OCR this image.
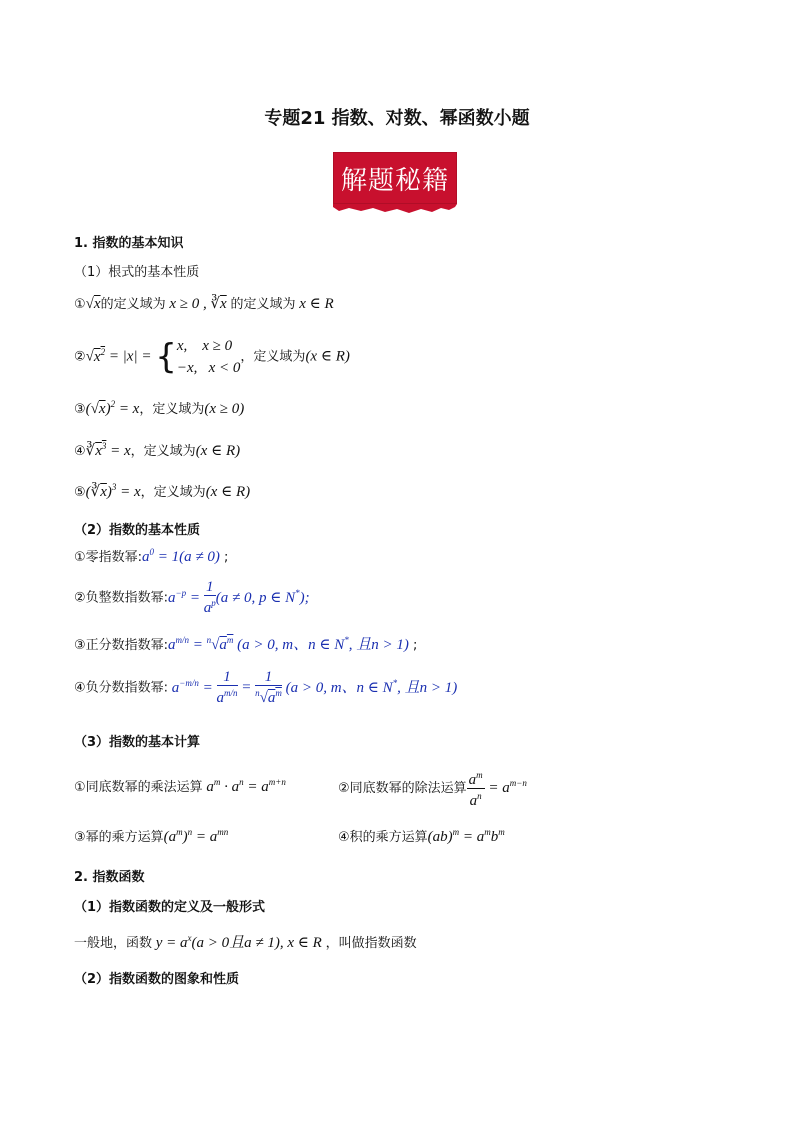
专题21 指数、对数、幂函数小题
解题秘籍
1. 指数的基本知识
（1）根式的基本性质
①√x的定义域为 x ≥ 0 , $∛\overline{x}$ 的定义域为 x ∈ R
$②√x^2 = |x|$ = { x,    x ≥ 0
−x,   x < 0
，定义域为(x ∈ R)
$③(√x)^2 = x$，定义域为(x ≥ 0)
$④∛x^3 = x$，定义域为(x ∈ R)
$⑤(∛\overline{x})^3 = x$，定义域为(x ∈ R)
（2）指数的基本性质
①零指数幂$:a^0 = 1(a \ne 0)$ ;
②负整数指数幂$:a^{-p} = \frac{1}{a^p} (a \ne 0$, p ∈ N*);
③正分数指数幂$:a^{m/n} = ^n√a^m$ (a > 0, m、n ∈ N*, 且n > 1) ;
④负分数指数幂: $a^{-m/n} = \frac{1}{a^{m/n}} = \frac{1}{^n√a^m} (a > 0$, m、n ∈ N*, 且n > 1)
（3）指数的基本计算
①同底数幂的乘法运算 $a^m \cdot a^n = a^{m+n}$	②同底数幂的除法运算 $\frac{a^m}{a^n} = a^{m-n}$
③幂的乘方运算$(a^m)^n = a^{mn}$	④积的乘方运算$(ab)^m = a^mb^m$
2. 指数函数
（1）指数函数的定义及一般形式
一般地，函数 $y = a^x(a > 0$且a ≠ 1), x ∈ R ，叫做指数函数
（2）指数函数的图象和性质
